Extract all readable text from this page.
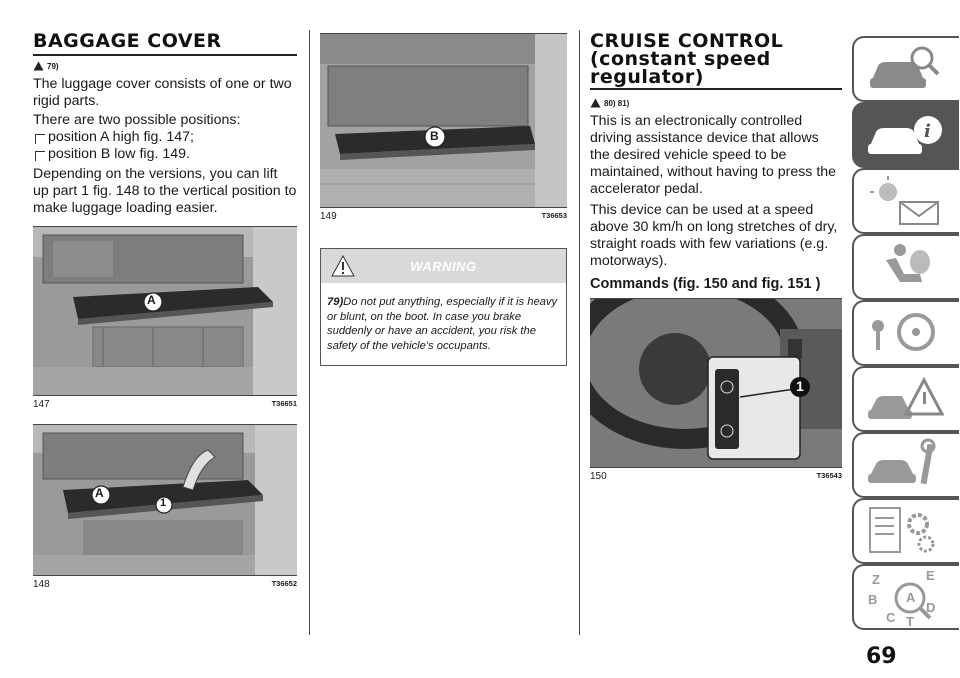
BAGGAGE COVER
79)

The luggage cover consists of one or two rigid parts.

There are two possible positions:

position A high fig. 147;
position B low fig. 149.

Depending on the versions, you can lift up part 1 fig. 148 to the vertical position to make luggage loading easier.

A
147	T36651
A
1
148	T36652
B
149	T36653
WARNING
79)Do not put anything, especially if it is heavy or blunt, on the boot. In case you brake suddenly or have an accident, you risk the safety of the vehicle's occupants.
CRUISE CONTROL
(constant speed
regulator)
80) 81)

This is an electronically controlled driving assistance device that allows the desired vehicle speed to be maintained, without having to press the accelerator pedal.

This device can be used at a speed above 30 km/h on long stretches of dry, straight roads with few variations (e.g. motorways).

Commands (fig. 150 and fig. 151 )
1
150	T36543
i
Z	E
A
B
C
D
T
69
